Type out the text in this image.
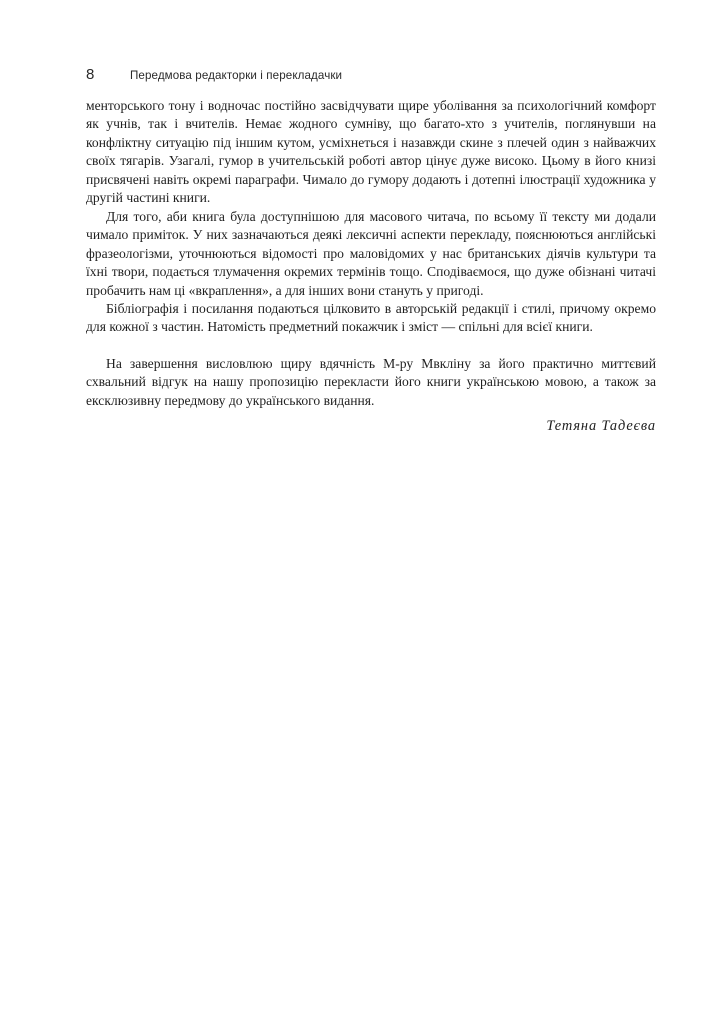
8	Передмова редакторки і перекладачки

менторського тону і водночас постійно засвідчувати щире уболівання за психологічний комфорт як учнів, так і вчителів. Немає жодного сумніву, що багато-хто з учителів, поглянувши на конфліктну ситуацію під іншим кутом, усміхнеться і назавжди скине з плечей один з найважчих своїх тягарів. Узагалі, гумор в учительській роботі автор цінує дуже високо. Цьому в його книзі присвячені навіть окремі параграфи. Чимало до гумору додають і дотепні ілюстрації художника у другій частині книги.

Для того, аби книга була доступнішою для масового читача, по всьому її тексту ми додали чимало приміток. У них зазначаються деякі лексичні аспекти перекладу, пояснюються англійські фразеологізми, уточнюються відомості про маловідомих у нас британських діячів культури та їхні твори, подається тлумачення окремих термінів тощо. Сподіваємося, що дуже обізнані читачі пробачить нам ці «вкраплення», а для інших вони стануть у пригоді.

Бібліографія і посилання подаються цілковито в авторській редакції і стилі, причому окремо для кожної з частин. Натомість предметний покажчик і зміст — спільні для всієї книги.

На завершення висловлюю щиру вдячність М-ру Мвкліну за його практично миттєвий схвальний відгук на нашу пропозицію перекласти його книги українською мовою, а також за ексклюзивну передмову до українського видання.

Тетяна Тадеєва
